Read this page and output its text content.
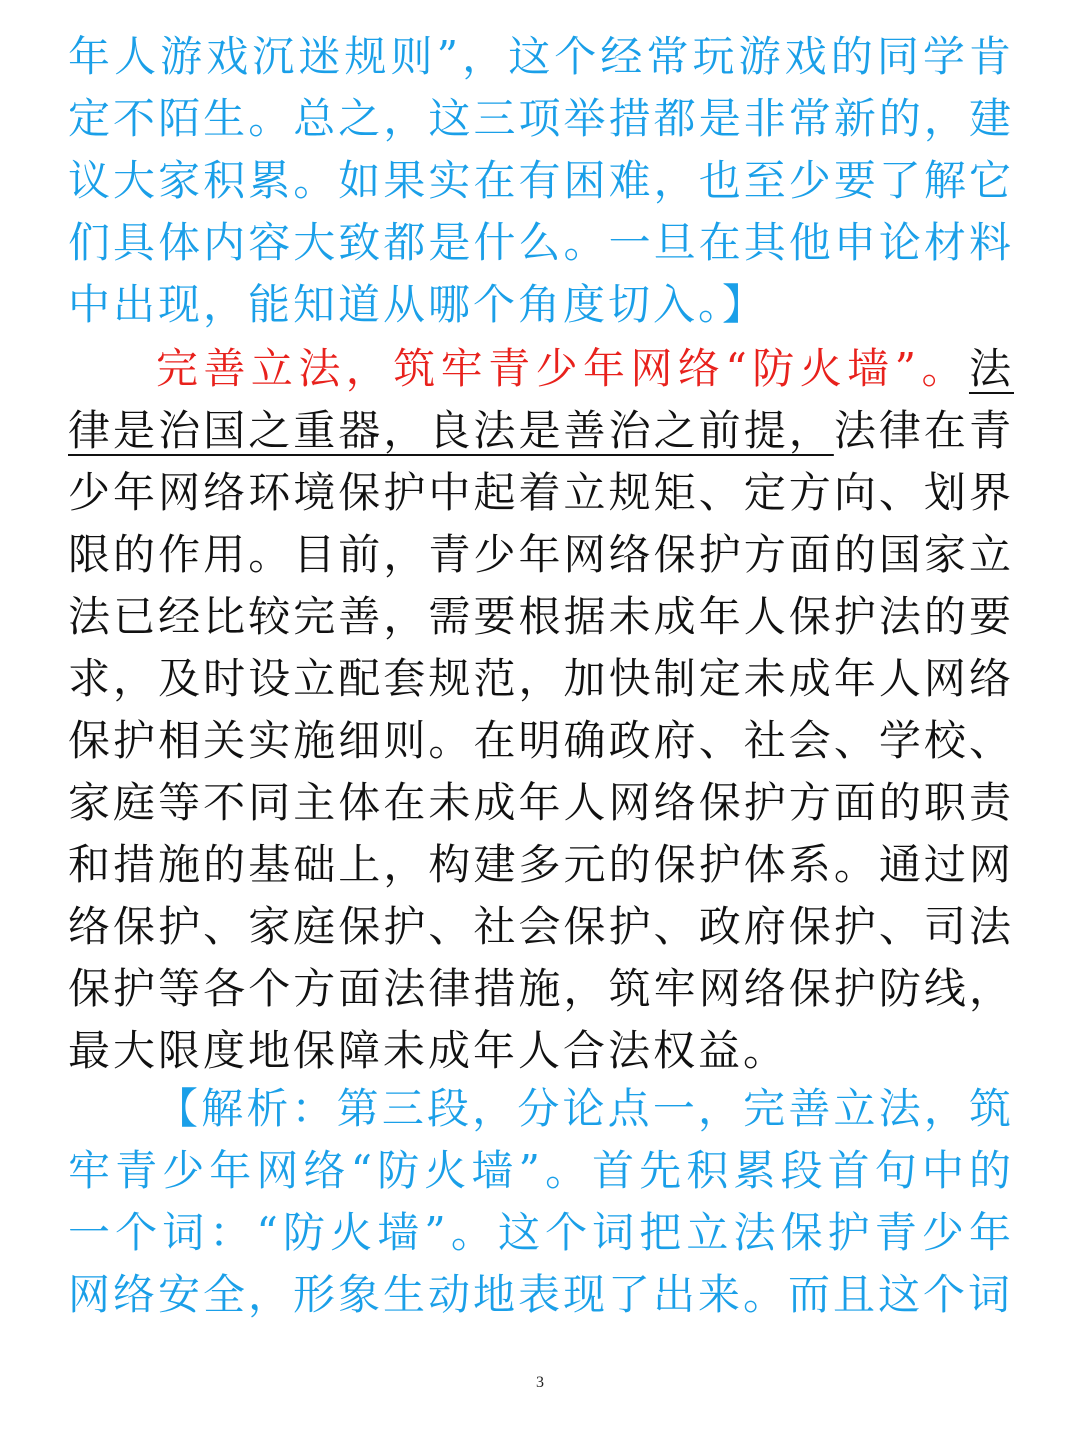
年人游戏沉迷规则”，这个经常玩游戏的同学肯定不陌生。总之，这三项举措都是非常新的，建议大家积累。如果实在有困难，也至少要了解它们具体内容大致都是什么。一旦在其他申论材料中出现，能知道从哪个角度切入。】

完善立法，筑牢青少年网络“防火墙”。法律是治国之重器，良法是善治之前提，法律在青少年网络环境保护中起着立规矩、定方向、划界限的作用。目前，青少年网络保护方面的国家立法已经比较完善，需要根据未成年人保护法的要求，及时设立配套规范，加快制定未成年人网络保护相关实施细则。在明确政府、社会、学校、家庭等不同主体在未成年人网络保护方面的职责和措施的基础上，构建多元的保护体系。通过网络保护、家庭保护、社会保护、政府保护、司法保护等各个方面法律措施，筑牢网络保护防线，最大限度地保障未成年人合法权益。

【解析：第三段，分论点一，完善立法，筑牢青少年网络“防火墙”。首先积累段首句中的一个词：“防火墙”。这个词把立法保护青少年网络安全，形象生动地表现了出来。而且这个词

3
